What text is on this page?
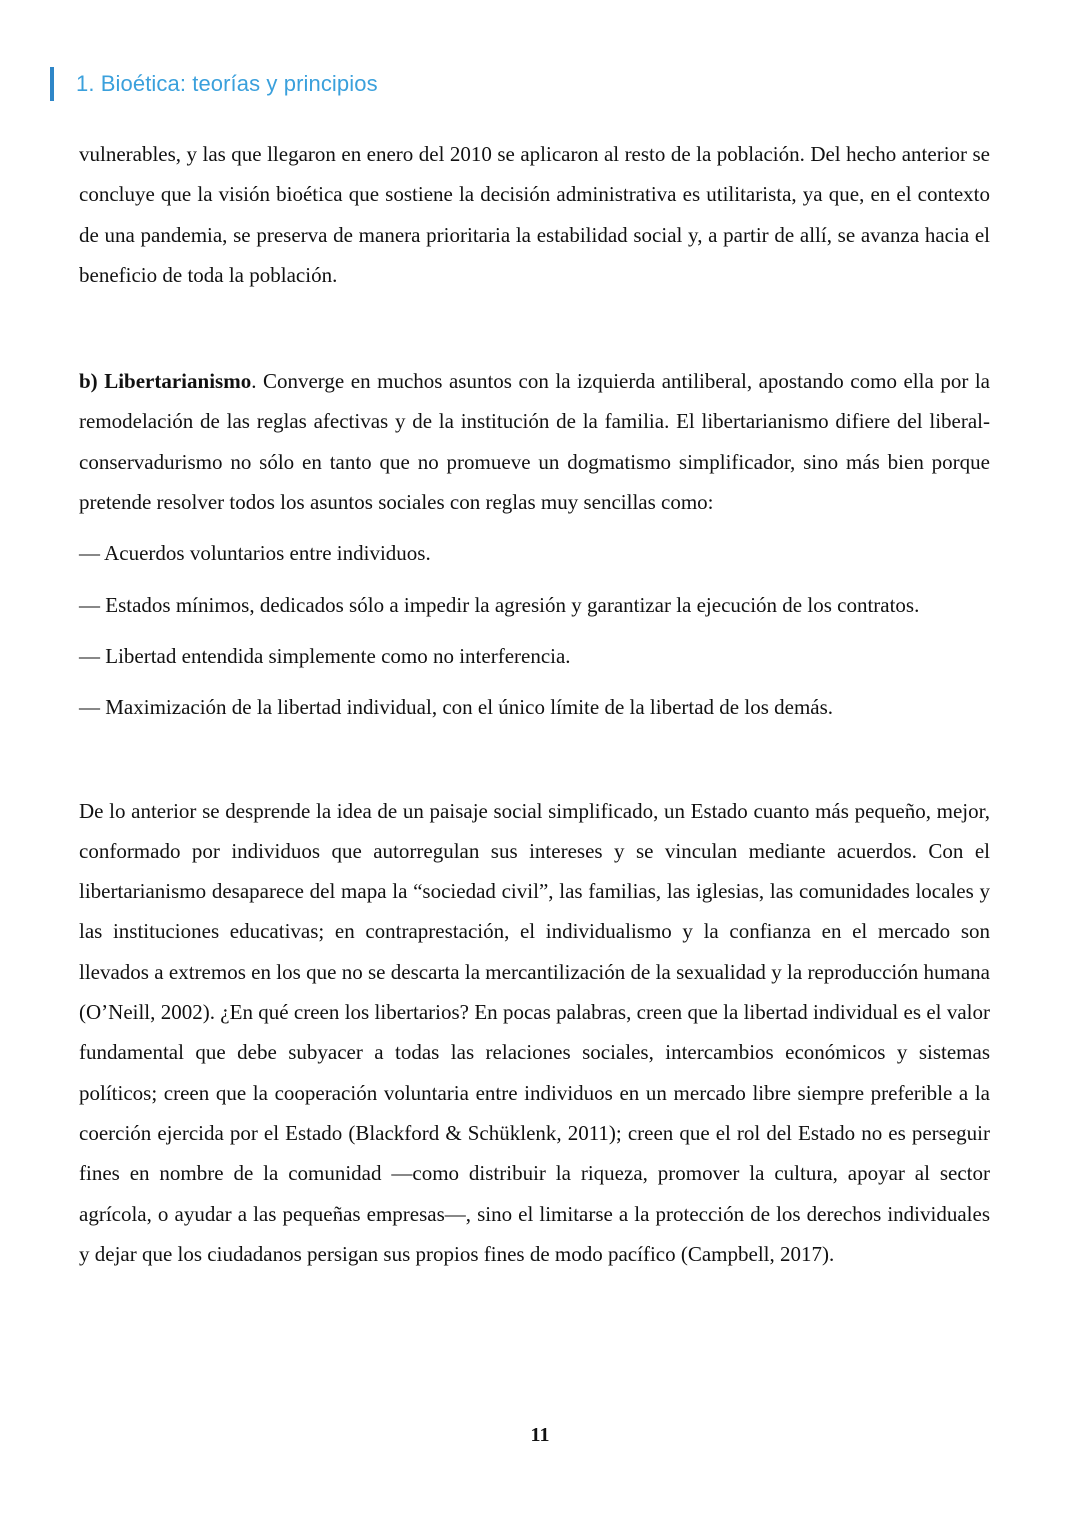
1. Bioética: teorías y principios

vulnerables, y las que llegaron en enero del 2010 se aplicaron al resto de la población. Del hecho anterior se concluye que la visión bioética que sostiene la decisión administrativa es utilitarista, ya que, en el contexto de una pandemia, se preserva de manera prioritaria la estabilidad social y, a partir de allí, se avanza hacia el beneficio de toda la población.

b) Libertarianismo. Converge en muchos asuntos con la izquierda antiliberal, apostando como ella por la remodelación de las reglas afectivas y de la institución de la familia. El libertarianismo difiere del liberal-conservadurismo no sólo en tanto que no promueve un dogmatismo simplificador, sino más bien porque pretende resolver todos los asuntos sociales con reglas muy sencillas como:

— Acuerdos voluntarios entre individuos.

— Estados mínimos, dedicados sólo a impedir la agresión y garantizar la ejecución de los contratos.

— Libertad entendida simplemente como no interferencia.

— Maximización de la libertad individual, con el único límite de la libertad de los demás.

De lo anterior se desprende la idea de un paisaje social simplificado, un Estado cuanto más pequeño, mejor, conformado por individuos que autorregulan sus intereses y se vinculan mediante acuerdos. Con el libertarianismo desaparece del mapa la “sociedad civil”, las familias, las iglesias, las comunidades locales y las instituciones educativas; en contraprestación, el individualismo y la confianza en el mercado son llevados a extremos en los que no se descarta la mercantilización de la sexualidad y la reproducción humana (O’Neill, 2002). ¿En qué creen los libertarios? En pocas palabras, creen que la libertad individual es el valor fundamental que debe subyacer a todas las relaciones sociales, intercambios económicos y sistemas políticos; creen que la cooperación voluntaria entre individuos en un mercado libre siempre preferible a la coerción ejercida por el Estado (Blackford & Schüklenk, 2011); creen que el rol del Estado no es perseguir fines en nombre de la comunidad —como distribuir la riqueza, promover la cultura, apoyar al sector agrícola, o ayudar a las pequeñas empresas—, sino el limitarse a la protección de los derechos individuales y dejar que los ciudadanos persigan sus propios fines de modo pacífico (Campbell, 2017).

11
